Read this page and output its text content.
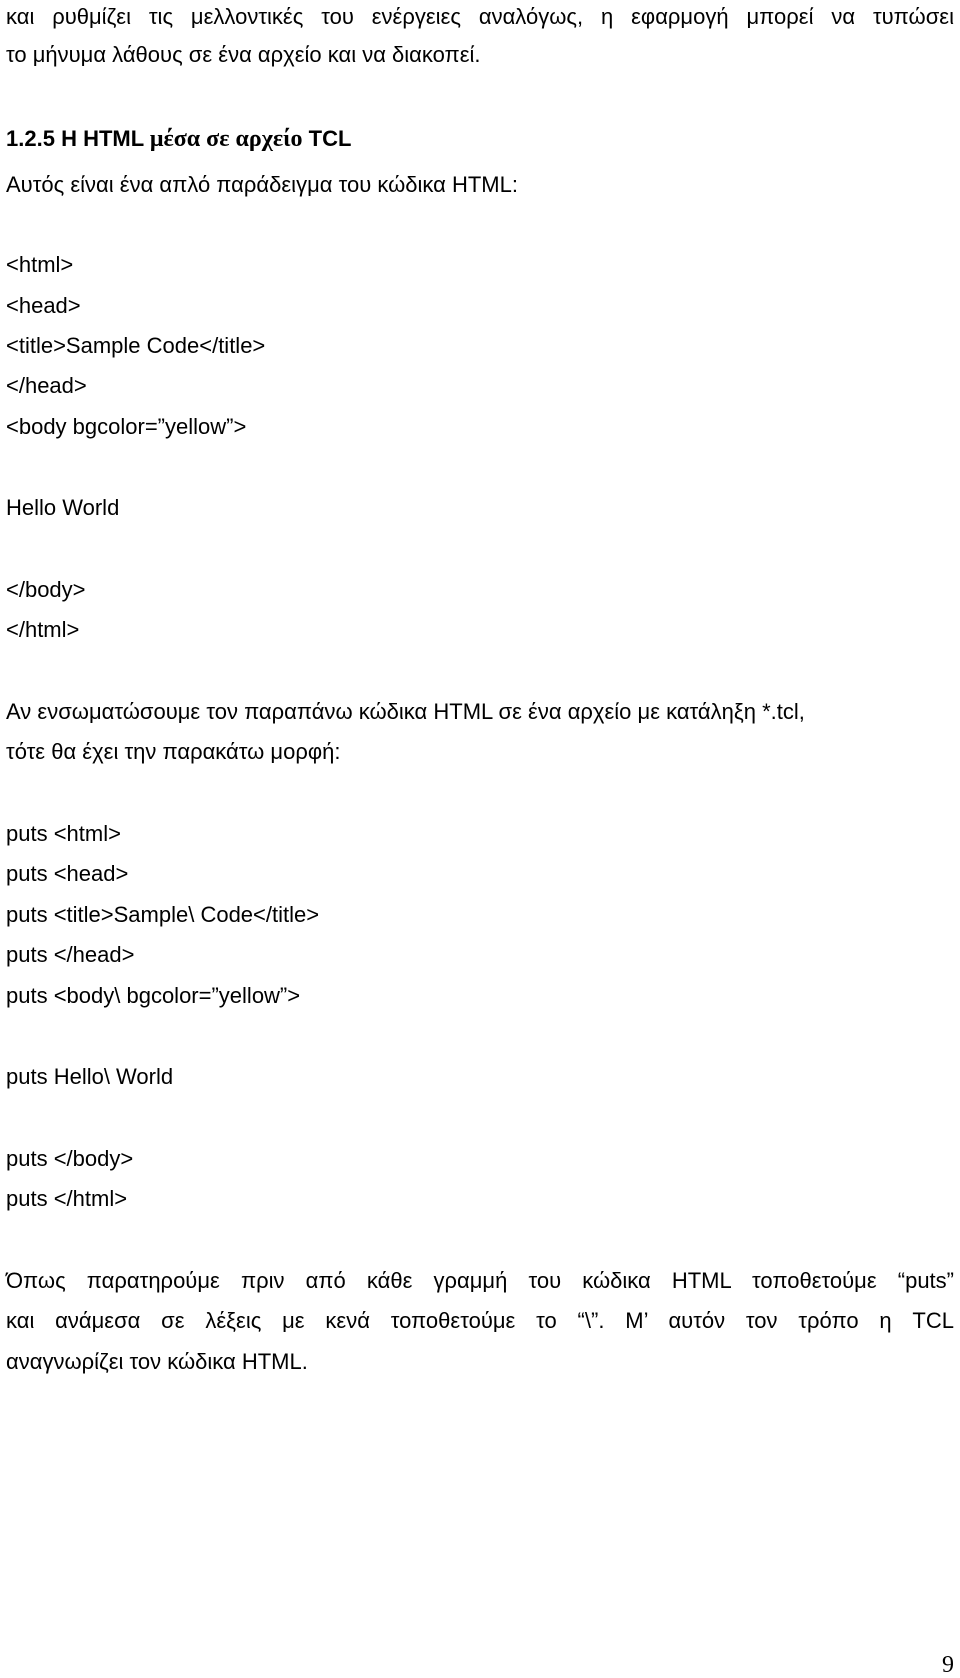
και ρυθμίζει τις μελλοντικές του ενέργειες αναλόγως, η εφαρμογή μπορεί να τυπώσει
το μήνυμα λάθους σε ένα αρχείο και να διακοπεί.
1.2.5 Η HTML μέσα σε αρχείο TCL
Αυτός είναι ένα απλό παράδειγμα του κώδικα HTML:
<html>
<head>
<title>Sample Code</title>
</head>
<body bgcolor=”yellow”>
Hello World
</body>
</html>
Αν ενσωματώσουμε τον παραπάνω κώδικα HTML σε ένα αρχείο με κατάληξη *.tcl,
τότε θα έχει την παρακάτω μορφή:
puts <html>
puts <head>
puts <title>Sample\ Code</title>
puts </head>
puts <body\ bgcolor=”yellow”>
puts Hello\ World
puts </body>
puts </html>
Όπως παρατηρούμε πριν από κάθε γραμμή του κώδικα HTML τοποθετούμε “puts”
και ανάμεσα σε λέξεις με κενά τοποθετούμε το “\”. Μ’ αυτόν τον τρόπο η TCL
αναγνωρίζει τον κώδικα HTML.
9
